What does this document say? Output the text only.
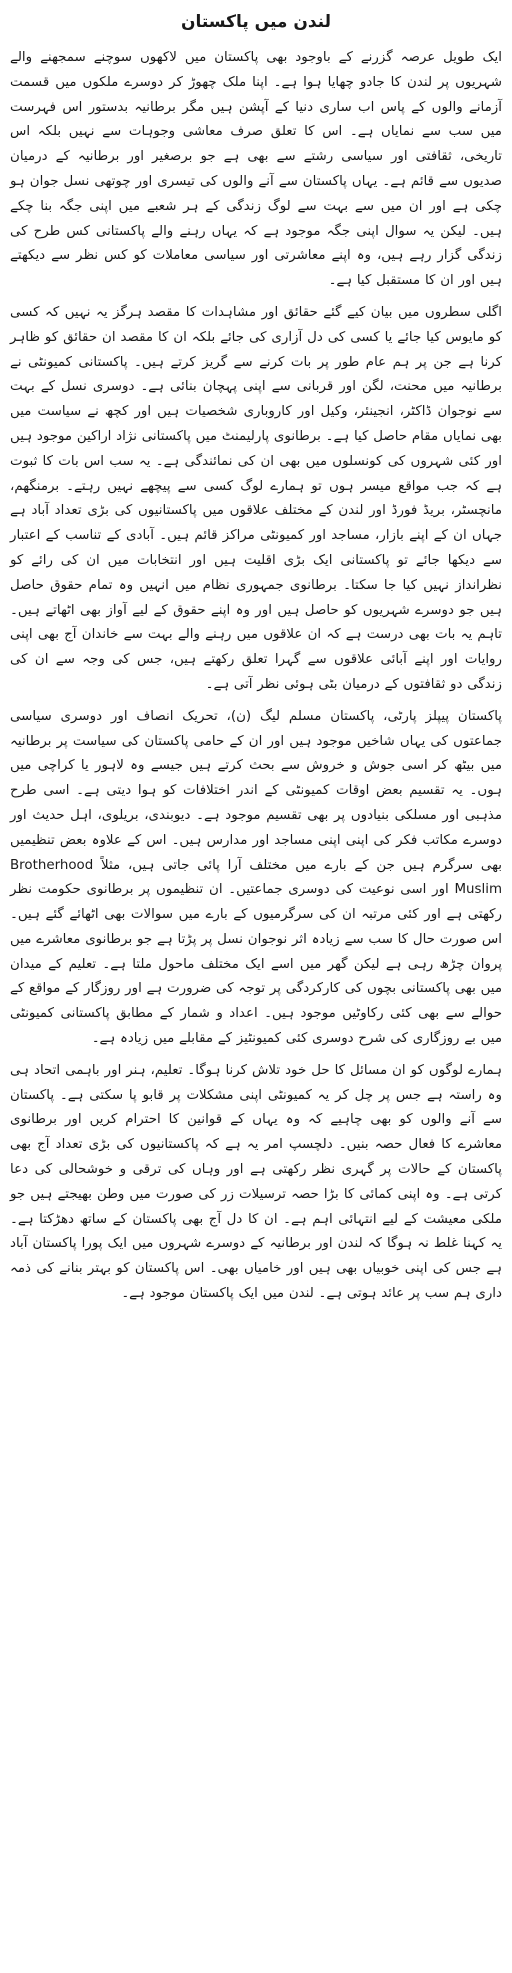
لندن میں پاکستان

ایک طویل عرصہ گزرنے کے باوجود بھی پاکستان میں لاکھوں سوچنے سمجھنے والے شہریوں پر لندن کا جادو چھایا ہوا ہے۔ اپنا ملک چھوڑ کر دوسرے ملکوں میں قسمت آزمانے والوں کے پاس اب ساری دنیا کے آپشن ہیں مگر برطانیہ بدستور اس فہرست میں سب سے نمایاں ہے۔ اس کا تعلق صرف معاشی وجوہات سے نہیں بلکہ اس تاریخی، ثقافتی اور سیاسی رشتے سے بھی ہے جو برصغیر اور برطانیہ کے درمیان صدیوں سے قائم ہے۔ یہاں پاکستان سے آنے والوں کی تیسری اور چوتھی نسل جوان ہو چکی ہے اور ان میں سے بہت سے لوگ زندگی کے ہر شعبے میں اپنی جگہ بنا چکے ہیں۔ لیکن یہ سوال اپنی جگہ موجود ہے کہ یہاں رہنے والے پاکستانی کس طرح کی زندگی گزار رہے ہیں، وہ اپنے معاشرتی اور سیاسی معاملات کو کس نظر سے دیکھتے ہیں اور ان کا مستقبل کیا ہے۔

اگلی سطروں میں بیان کیے گئے حقائق اور مشاہدات کا مقصد ہرگز یہ نہیں کہ کسی کو مایوس کیا جائے یا کسی کی دل آزاری کی جائے بلکہ ان کا مقصد ان حقائق کو ظاہر کرنا ہے جن پر ہم عام طور پر بات کرنے سے گریز کرتے ہیں۔ پاکستانی کمیونٹی نے برطانیہ میں محنت، لگن اور قربانی سے اپنی پہچان بنائی ہے۔ دوسری نسل کے بہت سے نوجوان ڈاکٹر، انجینئر، وکیل اور کاروباری شخصیات ہیں اور کچھ نے سیاست میں بھی نمایاں مقام حاصل کیا ہے۔ برطانوی پارلیمنٹ میں پاکستانی نژاد اراکین موجود ہیں اور کئی شہروں کی کونسلوں میں بھی ان کی نمائندگی ہے۔ یہ سب اس بات کا ثبوت ہے کہ جب مواقع میسر ہوں تو ہمارے لوگ کسی سے پیچھے نہیں رہتے۔ برمنگھم، مانچسٹر، بریڈ فورڈ اور لندن کے مختلف علاقوں میں پاکستانیوں کی بڑی تعداد آباد ہے جہاں ان کے اپنے بازار، مساجد اور کمیونٹی مراکز قائم ہیں۔ آبادی کے تناسب کے اعتبار سے دیکھا جائے تو پاکستانی ایک بڑی اقلیت ہیں اور انتخابات میں ان کی رائے کو نظرانداز نہیں کیا جا سکتا۔ برطانوی جمہوری نظام میں انہیں وہ تمام حقوق حاصل ہیں جو دوسرے شہریوں کو حاصل ہیں اور وہ اپنے حقوق کے لیے آواز بھی اٹھاتے ہیں۔ تاہم یہ بات بھی درست ہے کہ ان علاقوں میں رہنے والے بہت سے خاندان آج بھی اپنی روایات اور اپنے آبائی علاقوں سے گہرا تعلق رکھتے ہیں، جس کی وجہ سے ان کی زندگی دو ثقافتوں کے درمیان بٹی ہوئی نظر آتی ہے۔

پاکستان پیپلز پارٹی، پاکستان مسلم لیگ (ن)، تحریک انصاف اور دوسری سیاسی جماعتوں کی یہاں شاخیں موجود ہیں اور ان کے حامی پاکستان کی سیاست پر برطانیہ میں بیٹھ کر اسی جوش و خروش سے بحث کرتے ہیں جیسے وہ لاہور یا کراچی میں ہوں۔ یہ تقسیم بعض اوقات کمیونٹی کے اندر اختلافات کو ہوا دیتی ہے۔ اسی طرح مذہبی اور مسلکی بنیادوں پر بھی تقسیم موجود ہے۔ دیوبندی، بریلوی، اہل حدیث اور دوسرے مکاتب فکر کی اپنی اپنی مساجد اور مدارس ہیں۔ اس کے علاوہ بعض تنظیمیں بھی سرگرم ہیں جن کے بارے میں مختلف آرا پائی جاتی ہیں، مثلاً Brotherhood Muslim اور اسی نوعیت کی دوسری جماعتیں۔ ان تنظیموں پر برطانوی حکومت نظر رکھتی ہے اور کئی مرتبہ ان کی سرگرمیوں کے بارے میں سوالات بھی اٹھائے گئے ہیں۔ اس صورت حال کا سب سے زیادہ اثر نوجوان نسل پر پڑتا ہے جو برطانوی معاشرے میں پروان چڑھ رہی ہے لیکن گھر میں اسے ایک مختلف ماحول ملتا ہے۔ تعلیم کے میدان میں بھی پاکستانی بچوں کی کارکردگی پر توجہ کی ضرورت ہے اور روزگار کے مواقع کے حوالے سے بھی کئی رکاوٹیں موجود ہیں۔ اعداد و شمار کے مطابق پاکستانی کمیونٹی میں بے روزگاری کی شرح دوسری کئی کمیونٹیز کے مقابلے میں زیادہ ہے۔

ہمارے لوگوں کو ان مسائل کا حل خود تلاش کرنا ہوگا۔ تعلیم، ہنر اور باہمی اتحاد ہی وہ راستہ ہے جس پر چل کر یہ کمیونٹی اپنی مشکلات پر قابو پا سکتی ہے۔ پاکستان سے آنے والوں کو بھی چاہیے کہ وہ یہاں کے قوانین کا احترام کریں اور برطانوی معاشرے کا فعال حصہ بنیں۔ دلچسپ امر یہ ہے کہ پاکستانیوں کی بڑی تعداد آج بھی پاکستان کے حالات پر گہری نظر رکھتی ہے اور وہاں کی ترقی و خوشحالی کی دعا کرتی ہے۔ وہ اپنی کمائی کا بڑا حصہ ترسیلات زر کی صورت میں وطن بھیجتے ہیں جو ملکی معیشت کے لیے انتہائی اہم ہے۔ ان کا دل آج بھی پاکستان کے ساتھ دھڑکتا ہے۔ یہ کہنا غلط نہ ہوگا کہ لندن اور برطانیہ کے دوسرے شہروں میں ایک پورا پاکستان آباد ہے جس کی اپنی خوبیاں بھی ہیں اور خامیاں بھی۔ اس پاکستان کو بہتر بنانے کی ذمہ داری ہم سب پر عائد ہوتی ہے۔ لندن میں ایک پاکستان موجود ہے۔
